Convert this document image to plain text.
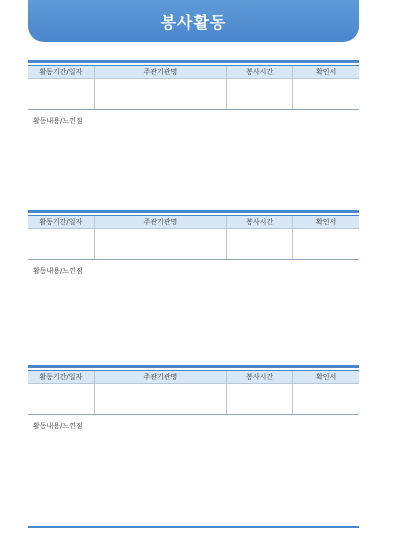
봉사활동
활동기간/일자	주관기관명	봉사시간	확인서

활동내용/느낀점
활동기간/일자	주관기관명	봉사시간	확인서

활동내용/느낀점
활동기간/일자	주관기관명	봉사시간	확인서

활동내용/느낀점
